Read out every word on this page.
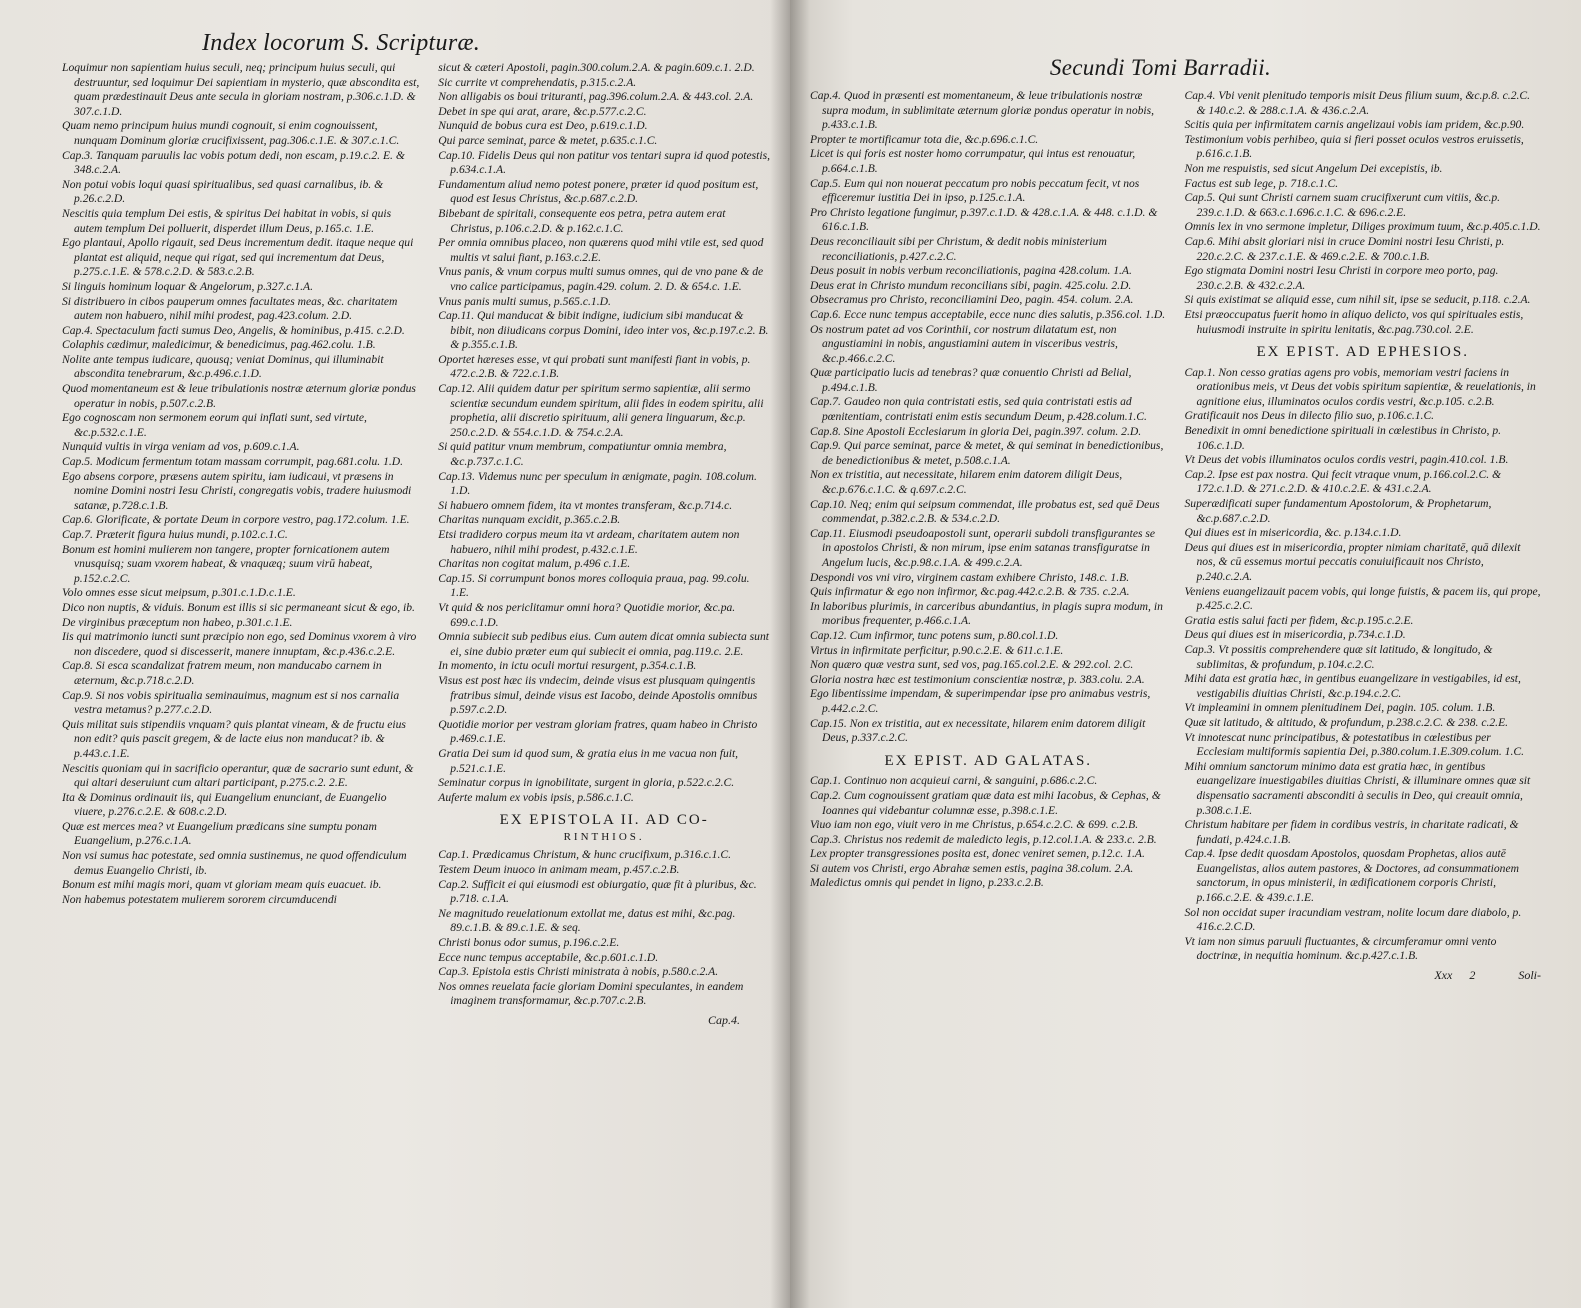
Index locorum S. Scripturæ.
Loquimur non sapientiam huius seculi, neq; principum huius seculi, qui destruuntur, sed loquimur Dei sapientiam in mysterio, quæ abscondita est, quam prædestinauit Deus ante secula in gloriam nostram, p.306.c.1.D. & 307.c.1.D.
Quam nemo principum huius mundi cognouit, si enim cognouissent, nunquam Dominum gloriæ crucifixissent, pag.306.c.1.E. & 307.c.1.C.
Cap.3. Tanquam paruulis lac vobis potum dedi, non escam, p.19.c.2. E. & 348.c.2.A.
Non potui vobis loqui quasi spiritualibus, sed quasi carnalibus, ib. & p.26.c.2.D.
Nescitis quia templum Dei estis, & spiritus Dei habitat in vobis, si quis autem templum Dei polluerit, disperdet illum Deus, p.165.c. 1.E.
Ego plantaui, Apollo rigauit, sed Deus incrementum dedit. itaque neque qui plantat est aliquid, neque qui rigat, sed qui incrementum dat Deus, p.275.c.1.E. & 578.c.2.D. & 583.c.2.B.
Si linguis hominum loquar & Angelorum, p.327.c.1.A.
Si distribuero in cibos pauperum omnes facultates meas, &c. charitatem autem non habuero, nihil mihi prodest, pag.423.colum. 2.D.
Cap.4. Spectaculum facti sumus Deo, Angelis, & hominibus, p.415. c.2.D.
Colaphis cædimur, maledicimur, & benedicimus, pag.462.colu. 1.B.
Nolite ante tempus iudicare, quousq; veniat Dominus, qui illuminabit abscondita tenebrarum, &c.p.496.c.1.D.
Quod momentaneum est & leue tribulationis nostræ æternum gloriæ pondus operatur in nobis, p.507.c.2.B.
Ego cognoscam non sermonem eorum qui inflati sunt, sed virtute, &c.p.532.c.1.E.
Nunquid vultis in virga veniam ad vos, p.609.c.1.A.
Cap.5. Modicum fermentum totam massam corrumpit, pag.681.colu. 1.D.
Ego absens corpore, præsens autem spiritu, iam iudicaui, vt præsens in nomine Domini nostri Iesu Christi, congregatis vobis, tradere huiusmodi satanæ, p.728.c.1.B.
Cap.6. Glorificate, & portate Deum in corpore vestro, pag.172.colum. 1.E.
Cap.7. Præterit figura huius mundi, p.102.c.1.C.
Bonum est homini mulierem non tangere, propter fornicationem autem vnusquisq; suam vxorem habeat, & vnaquæq; suum virū habeat, p.152.c.2.C.
Volo omnes esse sicut meipsum, p.301.c.1.D.c.1.E.
Dico non nuptis, & viduis. Bonum est illis si sic permaneant sicut & ego, ib.
De virginibus præceptum non habeo, p.301.c.1.E.
Iis qui matrimonio iuncti sunt præcipio non ego, sed Dominus vxorem à viro non discedere, quod si discesserit, manere innuptam, &c.p.436.c.2.E.
Cap.8. Si esca scandalizat fratrem meum, non manducabo carnem in æternum, &c.p.718.c.2.D.
Cap.9. Si nos vobis spiritualia seminauimus, magnum est si nos carnalia vestra metamus? p.277.c.2.D.
Quis militat suis stipendiis vnquam? quis plantat vineam, & de fructu eius non edit? quis pascit gregem, & de lacte eius non manducat? ib. & p.443.c.1.E.
Nescitis quoniam qui in sacrificio operantur, quæ de sacrario sunt edunt, & qui altari deseruiunt cum altari participant, p.275.c.2. 2.E.
Ita & Dominus ordinauit iis, qui Euangelium enunciant, de Euangelio viuere, p.276.c.2.E. & 608.c.2.D.
Quæ est merces mea? vt Euangelium prædicans sine sumptu ponam Euangelium, p.276.c.1.A.
Non vsi sumus hac potestate, sed omnia sustinemus, ne quod offendiculum demus Euangelio Christi, ib.
Bonum est mihi magis mori, quam vt gloriam meam quis euacuet. ib.
Non habemus potestatem mulierem sororem circumducendi
sicut & cæteri Apostoli, pagin.300.colum.2.A. & pagin.609.c.1. 2.D.
Sic currite vt comprehendatis, p.315.c.2.A.
Non alligabis os boui trituranti, pag.396.colum.2.A. & 443.col. 2.A.
Debet in spe qui arat, arare, &c.p.577.c.2.C.
Nunquid de bobus cura est Deo, p.619.c.1.D.
Qui parce seminat, parce & metet, p.635.c.1.C.
Cap.10. Fidelis Deus qui non patitur vos tentari supra id quod potestis, p.634.c.1.A.
Fundamentum aliud nemo potest ponere, præter id quod positum est, quod est Iesus Christus, &c.p.687.c.2.D.
Bibebant de spiritali, consequente eos petra, petra autem erat Christus, p.106.c.2.D. & p.162.c.1.C.
Per omnia omnibus placeo, non quærens quod mihi vtile est, sed quod multis vt salui fiant, p.163.c.2.E.
Vnus panis, & vnum corpus multi sumus omnes, qui de vno pane & de vno calice participamus, pagin.429. colum. 2. D. & 654.c. 1.E.
Vnus panis multi sumus, p.565.c.1.D.
Cap.11. Qui manducat & bibit indigne, iudicium sibi manducat & bibit, non diiudicans corpus Domini, ideo inter vos, &c.p.197.c.2. B. & p.355.c.1.B.
Oportet hæreses esse, vt qui probati sunt manifesti fiant in vobis, p. 472.c.2.B. & 722.c.1.B.
Cap.12. Alii quidem datur per spiritum sermo sapientiæ, alii sermo scientiæ secundum eundem spiritum, alii fides in eodem spiritu, alii prophetia, alii discretio spirituum, alii genera linguarum, &c.p. 250.c.2.D. & 554.c.1.D. & 754.c.2.A.
Si quid patitur vnum membrum, compatiuntur omnia membra, &c.p.737.c.1.C.
Cap.13. Videmus nunc per speculum in ænigmate, pagin. 108.colum. 1.D.
Si habuero omnem fidem, ita vt montes transferam, &c.p.714.c.
Charitas nunquam excidit, p.365.c.2.B.
Etsi tradidero corpus meum ita vt ardeam, charitatem autem non habuero, nihil mihi prodest, p.432.c.1.E.
Charitas non cogitat malum, p.496 c.1.E.
Cap.15. Si corrumpunt bonos mores colloquia praua, pag. 99.colu. 1.E.
Vt quid & nos periclitamur omni hora? Quotidie morior, &c.pa. 699.c.1.D.
Omnia subiecit sub pedibus eius. Cum autem dicat omnia subiecta sunt ei, sine dubio præter eum qui subiecit ei omnia, pag.119.c. 2.E.
In momento, in ictu oculi mortui resurgent, p.354.c.1.B.
Visus est post hæc iis vndecim, deinde visus est plusquam quingentis fratribus simul, deinde visus est Iacobo, deinde Apostolis omnibus p.597.c.2.D.
Quotidie morior per vestram gloriam fratres, quam habeo in Christo p.469.c.1.E.
Gratia Dei sum id quod sum, & gratia eius in me vacua non fuit, p.521.c.1.E.
Seminatur corpus in ignobilitate, surgent in gloria, p.522.c.2.C.
Auferte malum ex vobis ipsis, p.586.c.1.C.
EX EPISTOLA II. AD CO-
RINTHIOS.
Cap.1. Prædicamus Christum, & hunc crucifixum, p.316.c.1.C.
Testem Deum inuoco in animam meam, p.457.c.2.B.
Cap.2. Sufficit ei qui eiusmodi est obiurgatio, quæ fit à pluribus, &c. p.718. c.1.A.
Ne magnitudo reuelationum extollat me, datus est mihi, &c.pag. 89.c.1.B. & 89.c.1.E. & seq.
Christi bonus odor sumus, p.196.c.2.E.
Ecce nunc tempus acceptabile, &c.p.601.c.1.D.
Cap.3. Epistola estis Christi ministrata à nobis, p.580.c.2.A.
Nos omnes reuelata facie gloriam Domini speculantes, in eandem imaginem transformamur, &c.p.707.c.2.B.
Cap.4.
Secundi Tomi Barradii.
Cap.4. Quod in præsenti est momentaneum, & leue tribulationis nostræ supra modum, in sublimitate æternum gloriæ pondus operatur in nobis, p.433.c.1.B.
Propter te mortificamur tota die, &c.p.696.c.1.C.
Licet is qui foris est noster homo corrumpatur, qui intus est renouatur, p.664.c.1.B.
Cap.5. Eum qui non nouerat peccatum pro nobis peccatum fecit, vt nos efficeremur iustitia Dei in ipso, p.125.c.1.A.
Pro Christo legatione fungimur, p.397.c.1.D. & 428.c.1.A. & 448. c.1.D. & 616.c.1.B.
Deus reconciliauit sibi per Christum, & dedit nobis ministerium reconciliationis, p.427.c.2.C.
Deus posuit in nobis verbum reconciliationis, pagina 428.colum. 1.A.
Deus erat in Christo mundum reconcilians sibi, pagin. 425.colu. 2.D.
Obsecramus pro Christo, reconciliamini Deo, pagin. 454. colum. 2.A.
Cap.6. Ecce nunc tempus acceptabile, ecce nunc dies salutis, p.356.col. 1.D.
Os nostrum patet ad vos Corinthii, cor nostrum dilatatum est, non angustiamini in nobis, angustiamini autem in visceribus vestris, &c.p.466.c.2.C.
Quæ participatio lucis ad tenebras? quæ conuentio Christi ad Belial, p.494.c.1.B.
Cap.7. Gaudeo non quia contristati estis, sed quia contristati estis ad pœnitentiam, contristati enim estis secundum Deum, p.428.colum.1.C.
Cap.8. Sine Apostoli Ecclesiarum in gloria Dei, pagin.397. colum. 2.D.
Cap.9. Qui parce seminat, parce & metet, & qui seminat in benedictionibus, de benedictionibus & metet, p.508.c.1.A.
Non ex tristitia, aut necessitate, hilarem enim datorem diligit Deus, &c.p.676.c.1.C. & q.697.c.2.C.
Cap.10. Neq; enim qui seipsum commendat, ille probatus est, sed quē Deus commendat, p.382.c.2.B. & 534.c.2.D.
Cap.11. Eiusmodi pseudoapostoli sunt, operarii subdoli transfigurantes se in apostolos Christi, & non mirum, ipse enim satanas transfiguratse in Angelum lucis, &c.p.98.c.1.A. & 499.c.2.A.
Despondi vos vni viro, virginem castam exhibere Christo, 148.c. 1.B.
Quis infirmatur & ego non infirmor, &c.pag.442.c.2.B. & 735. c.2.A.
In laboribus plurimis, in carceribus abundantius, in plagis supra modum, in moribus frequenter, p.466.c.1.A.
Cap.12. Cum infirmor, tunc potens sum, p.80.col.1.D.
Virtus in infirmitate perficitur, p.90.c.2.E. & 611.c.1.E.
Non quæro quæ vestra sunt, sed vos, pag.165.col.2.E. & 292.col. 2.C.
Gloria nostra hæc est testimonium conscientiæ nostræ, p. 383.colu. 2.A.
Ego libentissime impendam, & superimpendar ipse pro animabus vestris, p.442.c.2.C.
Cap.15. Non ex tristitia, aut ex necessitate, hilarem enim datorem diligit Deus, p.337.c.2.C.
EX EPIST. AD GALATAS.
Cap.1. Continuo non acquieui carni, & sanguini, p.686.c.2.C.
Cap.2. Cum cognouissent gratiam quæ data est mihi Iacobus, & Cephas, & Ioannes qui videbantur columnæ esse, p.398.c.1.E.
Viuo iam non ego, viuit vero in me Christus, p.654.c.2.C. & 699. c.2.B.
Cap.3. Christus nos redemit de maledicto legis, p.12.col.1.A. & 233.c. 2.B.
Lex propter transgressiones posita est, donec veniret semen, p.12.c. 1.A.
Si autem vos Christi, ergo Abrahæ semen estis, pagina 38.colum. 2.A.
Maledictus omnis qui pendet in ligno, p.233.c.2.B.
Cap.4. Vbi venit plenitudo temporis misit Deus filium suum, &c.p.8. c.2.C. & 140.c.2. & 288.c.1.A. & 436.c.2.A.
Scitis quia per infirmitatem carnis angelizaui vobis iam pridem, &c.p.90.
Testimonium vobis perhibeo, quia si fieri posset oculos vestros eruissetis, p.616.c.1.B.
Non me respuistis, sed sicut Angelum Dei excepistis, ib.
Factus est sub lege, p. 718.c.1.C.
Cap.5. Qui sunt Christi carnem suam crucifixerunt cum vitiis, &c.p. 239.c.1.D. & 663.c.1.696.c.1.C. & 696.c.2.E.
Omnis lex in vno sermone impletur, Diliges proximum tuum, &c.p.405.c.1.D.
Cap.6. Mihi absit gloriari nisi in cruce Domini nostri Iesu Christi, p. 220.c.2.C. & 237.c.1.E. & 469.c.2.E. & 700.c.1.B.
Ego stigmata Domini nostri Iesu Christi in corpore meo porto, pag. 230.c.2.B. & 432.c.2.A.
Si quis existimat se aliquid esse, cum nihil sit, ipse se seducit, p.118. c.2.A.
Etsi præoccupatus fuerit homo in aliquo delicto, vos qui spirituales estis, huiusmodi instruite in spiritu lenitatis, &c.pag.730.col. 2.E.
EX EPIST. AD EPHESIOS.
Cap.1. Non cesso gratias agens pro vobis, memoriam vestri faciens in orationibus meis, vt Deus det vobis spiritum sapientiæ, & reuelationis, in agnitione eius, illuminatos oculos cordis vestri, &c.p.105. c.2.B.
Gratificauit nos Deus in dilecto filio suo, p.106.c.1.C.
Benedixit in omni benedictione spirituali in cœlestibus in Christo, p. 106.c.1.D.
Vt Deus det vobis illuminatos oculos cordis vestri, pagin.410.col. 1.B.
Cap.2. Ipse est pax nostra. Qui fecit vtraque vnum, p.166.col.2.C. & 172.c.1.D. & 271.c.2.D. & 410.c.2.E. & 431.c.2.A.
Superædificati super fundamentum Apostolorum, & Prophetarum, &c.p.687.c.2.D.
Qui diues est in misericordia, &c. p.134.c.1.D.
Deus qui diues est in misericordia, propter nimiam charitatē, quā dilexit nos, & cū essemus mortui peccatis conuiuificauit nos Christo, p.240.c.2.A.
Veniens euangelizauit pacem vobis, qui longe fuistis, & pacem iis, qui prope, p.425.c.2.C.
Gratia estis salui facti per fidem, &c.p.195.c.2.E.
Deus qui diues est in misericordia, p.734.c.1.D.
Cap.3. Vt possitis comprehendere quæ sit latitudo, & longitudo, & sublimitas, & profundum, p.104.c.2.C.
Mihi data est gratia hæc, in gentibus euangelizare in vestigabiles, id est, vestigabilis diuitias Christi, &c.p.194.c.2.C.
Vt impleamini in omnem plenitudinem Dei, pagin. 105. colum. 1.B.
Quæ sit latitudo, & altitudo, & profundum, p.238.c.2.C. & 238. c.2.E.
Vt innotescat nunc principatibus, & potestatibus in cœlestibus per Ecclesiam multiformis sapientia Dei, p.380.colum.1.E.309.colum. 1.C.
Mihi omnium sanctorum minimo data est gratia hæc, in gentibus euangelizare inuestigabiles diuitias Christi, & illuminare omnes quæ sit dispensatio sacramenti absconditi à seculis in Deo, qui creauit omnia, p.308.c.1.E.
Christum habitare per fidem in cordibus vestris, in charitate radicati, & fundati, p.424.c.1.B.
Cap.4. Ipse dedit quosdam Apostolos, quosdam Prophetas, alios autē Euangelistas, alios autem pastores, & Doctores, ad consummationem sanctorum, in opus ministerii, in ædificationem corporis Christi, p.166.c.2.E. & 439.c.1.E.
Sol non occidat super iracundiam vestram, nolite locum dare diabolo, p. 416.c.2.C.D.
Vt iam non simus paruuli fluctuantes, & circumferamur omni vento doctrinæ, in nequitia hominum. &c.p.427.c.1.B.
Xxx 2	Soli-
